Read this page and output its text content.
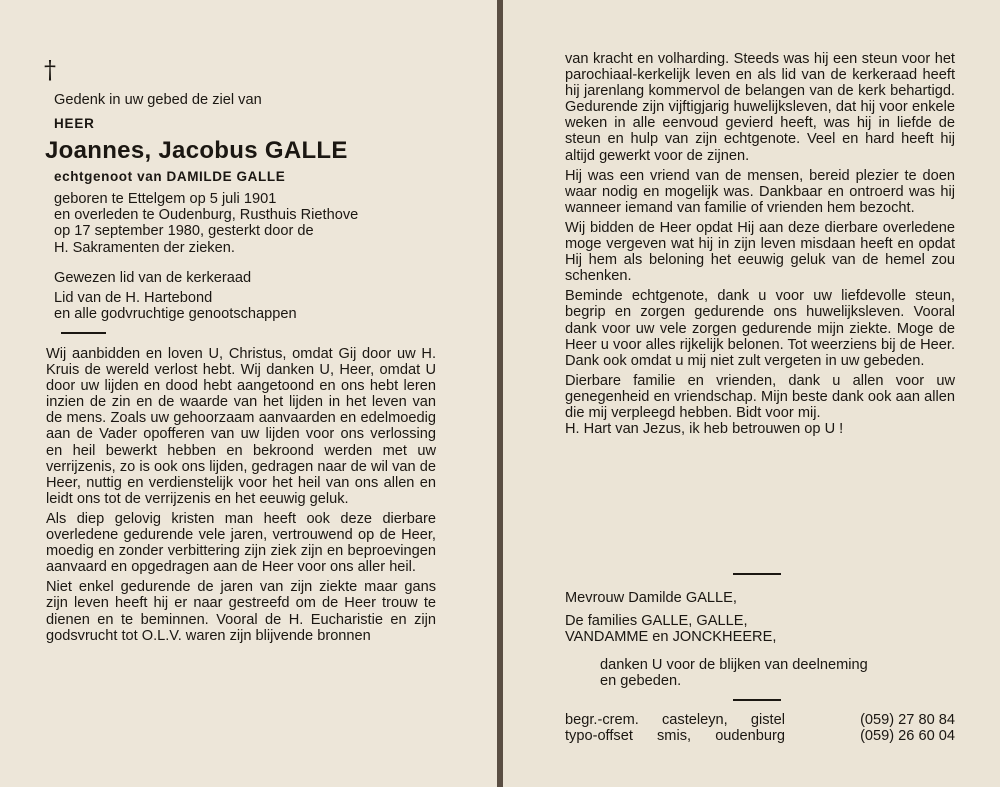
†
Gedenk in uw gebed de ziel van
HEER
Joannes, Jacobus GALLE
echtgenoot van DAMILDE GALLE
geboren te Ettelgem op 5 juli 1901
en overleden te Oudenburg, Rusthuis Riethove
op 17 september 1980, gesterkt door de
H. Sakramenten der zieken.
Gewezen lid van de kerkeraad
Lid van de H. Hartebond
en alle godvruchtige genootschappen

Wij aanbidden en loven U, Christus, omdat Gij door uw H. Kruis de wereld verlost hebt. Wij danken U, Heer, omdat U door uw lijden en dood hebt aangetoond en ons hebt leren inzien de zin en de waarde van het lijden in het leven van de mens. Zoals uw gehoorzaam aanvaarden en edelmoedig aan de Vader opofferen van uw lijden voor ons verlossing en heil bewerkt hebben en bekroond werden met uw verrijzenis, zo is ook ons lijden, gedragen naar de wil van de Heer, nuttig en verdienstelijk voor het heil van ons allen en leidt ons tot de verrijzenis en het eeuwig geluk.

Als diep gelovig kristen man heeft ook deze dierbare overledene gedurende vele jaren, vertrouwend op de Heer, moedig en zonder verbittering zijn ziek zijn en beproevingen aanvaard en opgedragen aan de Heer voor ons aller heil.

Niet enkel gedurende de jaren van zijn ziekte maar gans zijn leven heeft hij er naar gestreefd om de Heer trouw te dienen en te beminnen. Vooral de H. Eucharistie en zijn godsvrucht tot O.L.V. waren zijn blijvende bronnen

van kracht en volharding. Steeds was hij een steun voor het parochiaal-kerkelijk leven en als lid van de kerkeraad heeft hij jarenlang kommervol de belangen van de kerk behartigd. Gedurende zijn vijftigjarig huwelijksleven, dat hij voor enkele weken in alle eenvoud gevierd heeft, was hij in liefde de steun en hulp van zijn echtgenote. Veel en hard heeft hij altijd gewerkt voor de zijnen.

Hij was een vriend van de mensen, bereid plezier te doen waar nodig en mogelijk was. Dankbaar en ontroerd was hij wanneer iemand van familie of vrienden hem bezocht.

Wij bidden de Heer opdat Hij aan deze dierbare overledene moge vergeven wat hij in zijn leven misdaan heeft en opdat Hij hem als beloning het eeuwig geluk van de hemel zou schenken.

Beminde echtgenote, dank u voor uw liefdevolle steun, begrip en zorgen gedurende ons huwelijksleven. Vooral dank voor uw vele zorgen gedurende mijn ziekte. Moge de Heer u voor alles rijkelijk belonen. Tot weerziens bij de Heer. Dank ook omdat u mij niet zult vergeten in uw gebeden.

Dierbare familie en vrienden, dank u allen voor uw genegenheid en vriendschap. Mijn beste dank ook aan allen die mij verpleegd hebben. Bidt voor mij.

H. Hart van Jezus, ik heb betrouwen op U !
Mevrouw Damilde GALLE,
De families GALLE, GALLE,
VANDAMME en JONCKHEERE,
danken U voor de blijken van deelneming
en gebeden.
begr.-crem. casteleyn, gistel	(059) 27 80 84
typo-offset smis, oudenburg	(059) 26 60 04
